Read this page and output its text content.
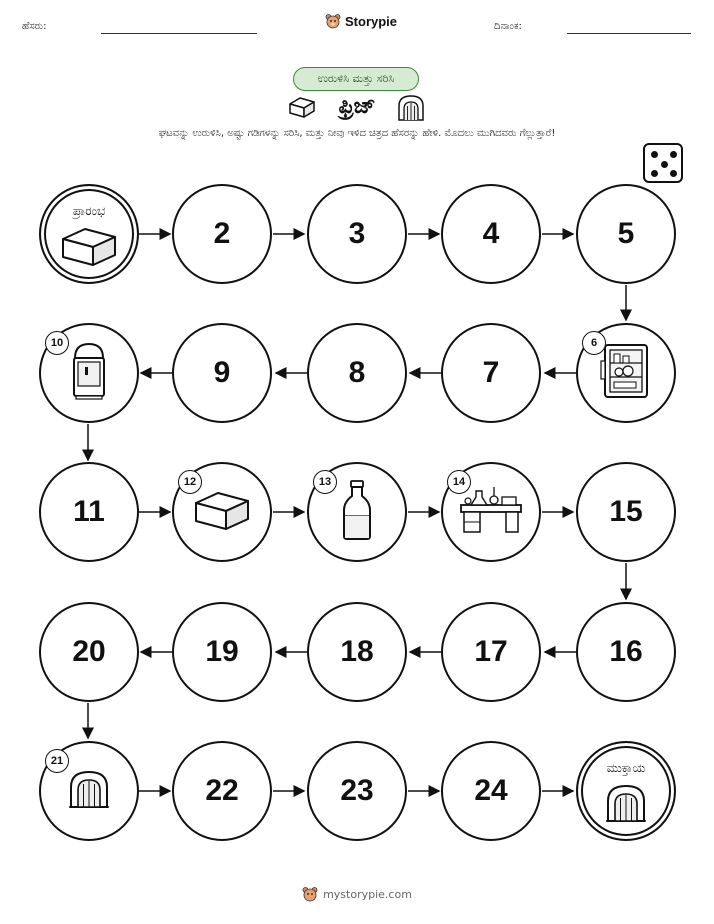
ಹೆಸರು:	Storypie	ದಿನಾಂಕ:
ಉರುಳಿಸಿ ಮತ್ತು ಸರಿಸಿ
ಫ್ರಿಜ್
ಘಟವನ್ನು ಉರುಳಿಸಿ, ಅಷ್ಟು ಗಡಿಗಳನ್ನು ಸರಿಸಿ, ಮತ್ತು ನೀವು ಇಳಿದ ಚಿತ್ರದ ಹೆಸರನ್ನು ಹೇಳಿ. ಮೊದಲು ಮುಗಿದವರು ಗೆಲ್ಲುತ್ತಾರೆ!
ಪ್ರಾರಂಭ
2	3	4	5
6
7
8
9
10
11
12	13	14
15
16
17
18
19
20
21
22	23	24
ಮುಕ್ತಾಯ
mystorypie.com
